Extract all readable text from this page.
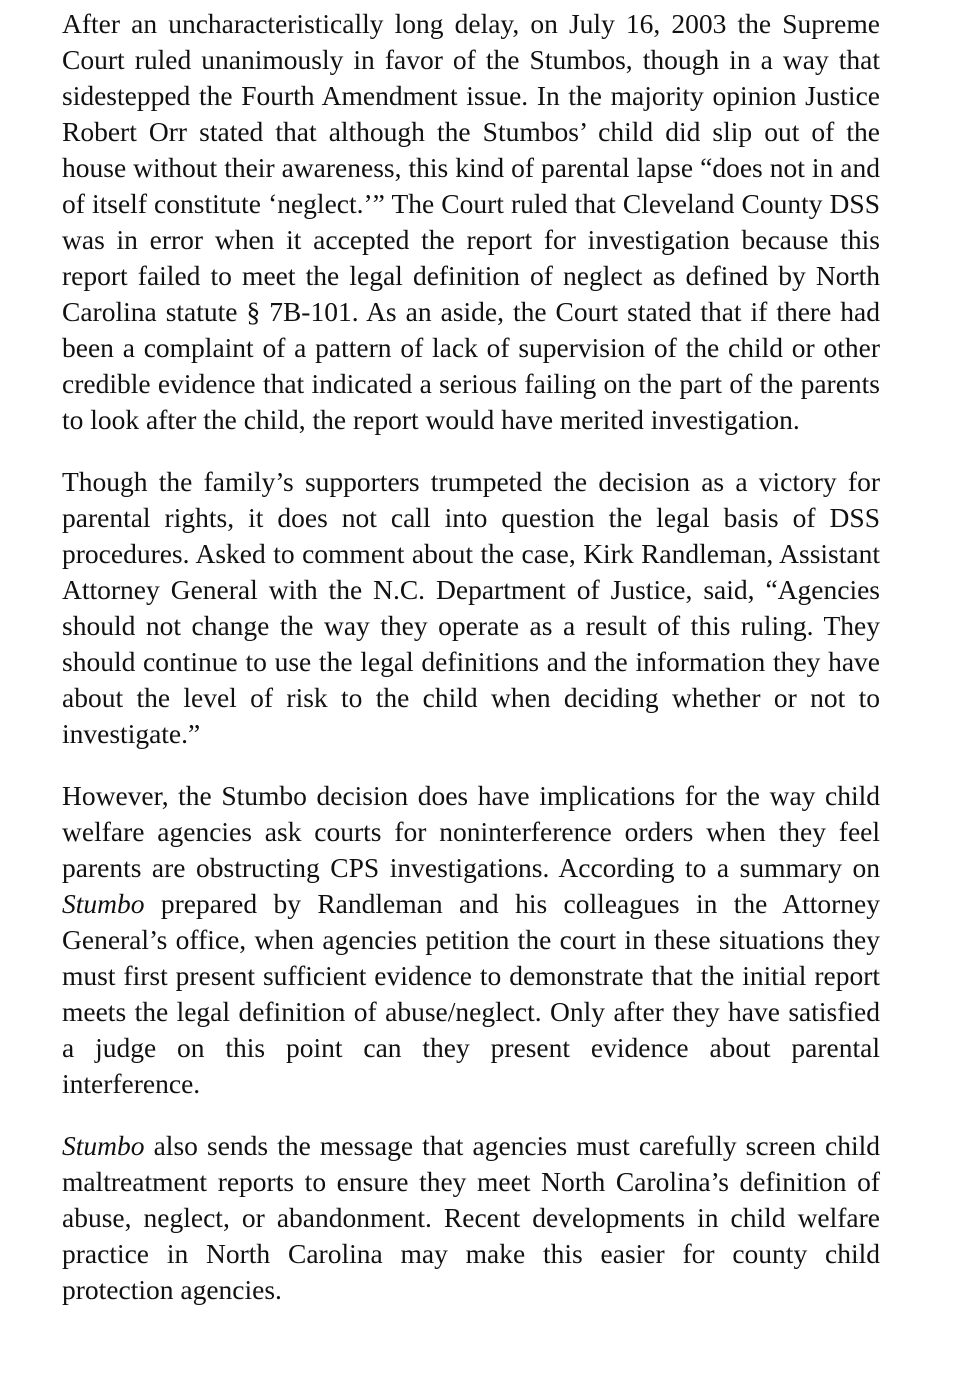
After an uncharacteristically long delay, on July 16, 2003 the Supreme Court ruled unanimously in favor of the Stumbos, though in a way that sidestepped the Fourth Amendment issue. In the majority opinion Justice Robert Orr stated that although the Stumbos’ child did slip out of the house without their awareness, this kind of parental lapse “does not in and of itself constitute ‘neglect.’” The Court ruled that Cleveland County DSS was in error when it accepted the report for investigation because this report failed to meet the legal definition of neglect as defined by North Carolina statute § 7B-101. As an aside, the Court stated that if there had been a complaint of a pattern of lack of supervision of the child or other credible evidence that indicated a serious failing on the part of the parents to look after the child, the report would have merited investigation.

Though the family’s supporters trumpeted the decision as a victory for parental rights, it does not call into question the legal basis of DSS procedures. Asked to comment about the case, Kirk Randleman, Assistant Attorney General with the N.C. Department of Justice, said, “Agencies should not change the way they operate as a result of this ruling. They should continue to use the legal definitions and the information they have about the level of risk to the child when deciding whether or not to investigate.”

However, the Stumbo decision does have implications for the way child welfare agencies ask courts for noninterference orders when they feel parents are obstructing CPS investigations. According to a summary on Stumbo prepared by Randleman and his colleagues in the Attorney General’s office, when agencies petition the court in these situations they must first present sufficient evidence to demonstrate that the initial report meets the legal definition of abuse/neglect. Only after they have satisfied a judge on this point can they present evidence about parental interference.

Stumbo also sends the message that agencies must carefully screen child maltreatment reports to ensure they meet North Carolina’s definition of abuse, neglect, or abandonment. Recent developments in child welfare practice in North Carolina may make this easier for county child protection agencies.
